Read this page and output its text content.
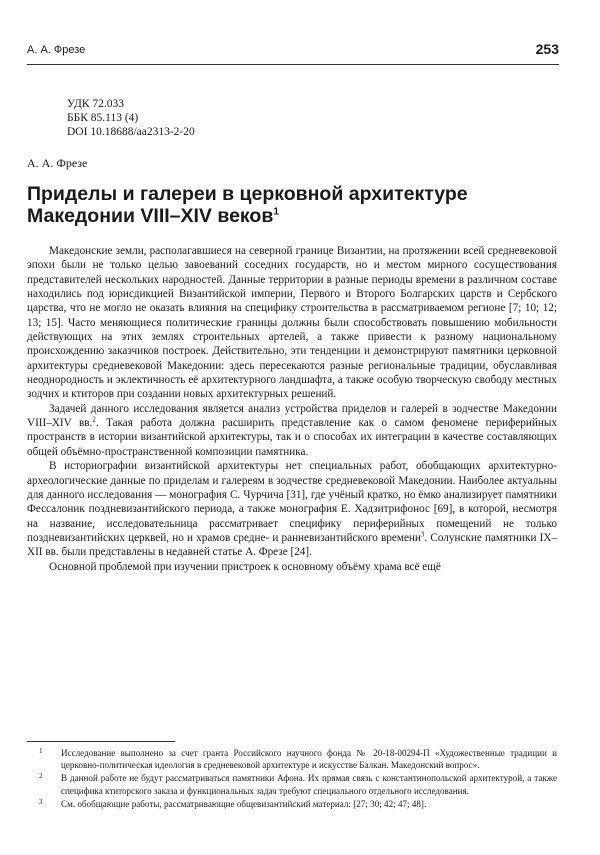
А. А. Фрезе	253
УДК 72.033
ББК 85.113 (4)
DOI 10.18688/aa2313-2-20
А. А. Фрезе
Приделы и галереи в церковной архитектуре
Македонии VIII–XIV веков$^1$

Македонские земли, располагавшиеся на северной границе Византии, на протяжении всей средневековой эпохи были не только целью завоеваний соседних государств, но и местом мирного сосуществования представителей нескольких народностей. Данные территории в разные периоды времени в различном составе находились под юрисдикцией Византийской империи, Первого и Второго Болгарских царств и Сербского царства, что не могло не оказать влияния на специфику строительства в рассматриваемом регионе [7; 10; 12; 13; 15]. Часто меняющиеся политические границы должны были способствовать повышению мобильности действующих на этих землях строительных артелей, а также привести к разному национальному происхождению заказчиков построек. Действительно, эти тенденции и демонстрируют памятники церковной архитектуры средневековой Македонии: здесь пересекаются разные региональные традиции, обуславливая неоднородность и эклектичность её архитектурного ландшафта, а также особую творческую свободу местных зодчих и ктиторов при создании новых архитектурных решений.

Задачей данного исследования является анализ устройства приделов и галерей в зодчестве Македонии VIII–XIV вв.$^2$. Такая работа должна расширить представление как о самом феномене периферийных пространств в истории византийской архитектуры, так и о способах их интеграции в качестве составляющих общей объёмно-пространственной композиции памятника.

В историографии византийской архитектуры нет специальных работ, обобщающих архитектурно-археологические данные по приделам и галереям в зодчестве средневековой Македонии. Наиболее актуальны для данного исследования — монография С. Чурчича [31], где учёный кратко, но ёмко анализирует памятники Фессалоник поздневизантийского периода, а также монография Е. Хадзитрифонос [69], в которой, несмотря на название, исследовательница рассматривает специфику периферийных помещений не только поздневизантийских церквей, но и храмов средне- и ранневизантийского времени$^3$. Солунские памятники IX–XII вв. были представлены в недавней статье А. Фрезе [24].

Основной проблемой при изучении пристроек к основному объёму храма всё ещё

1 Исследование выполнено за счет гранта Российского научного фонда № 20-18-00294-П «Художественные традиции и церковно-политическая идеология в средневековой архитектуре и искусстве Балкан. Македонский вопрос».
2 В данной работе не будут рассматриваться памятники Афона. Их прямая связь с константинопольской архитектурой, а также специфика ктиторского заказа и функциональных задач требуют специального отдельного исследования.
3 См. обобщающие работы, рассматривающие общевизантийский материал: [27; 30; 42; 47; 48].
